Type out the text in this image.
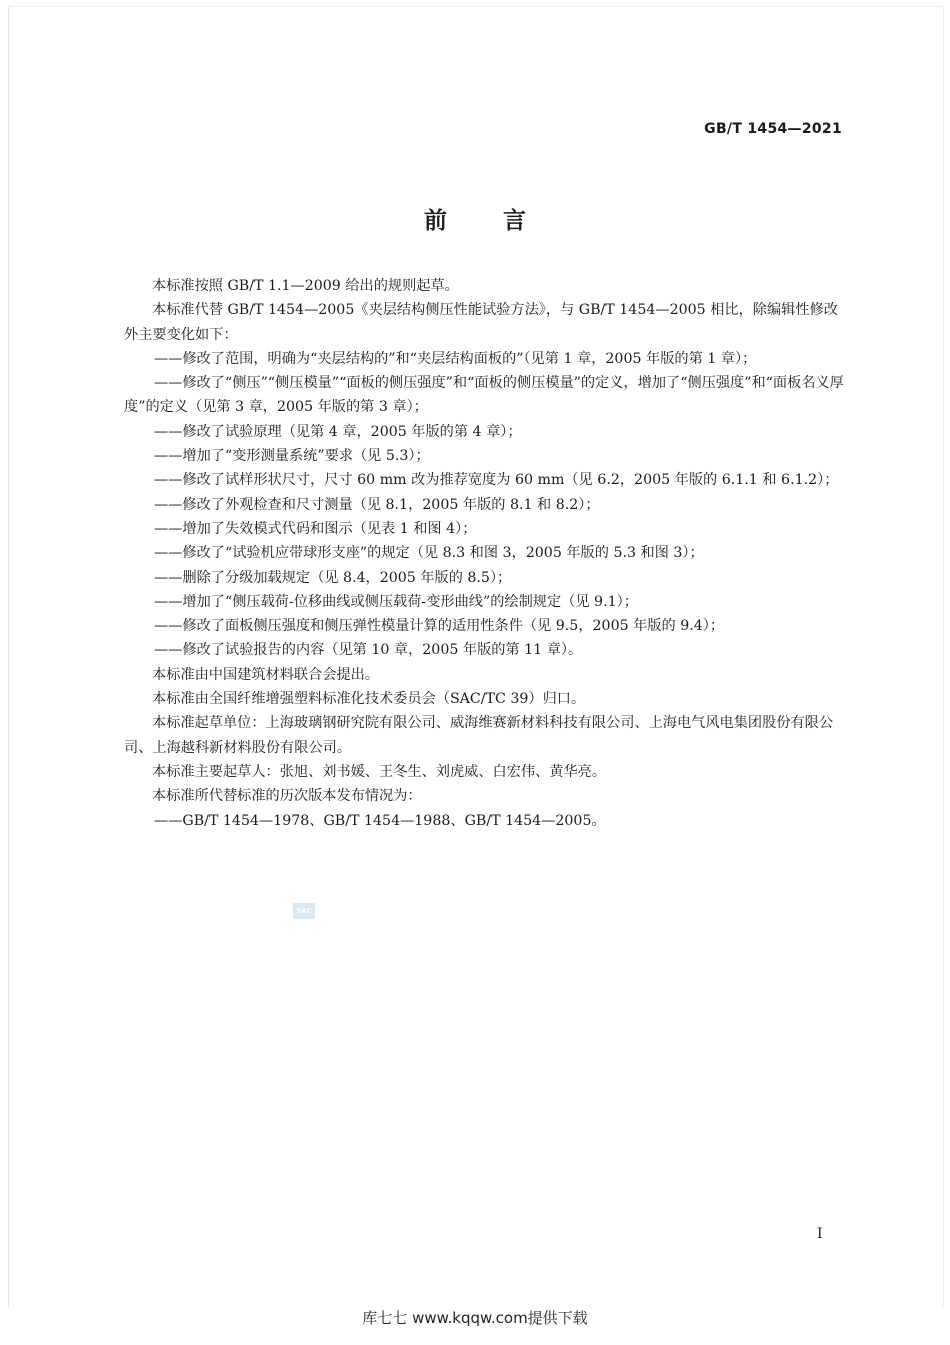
GB/T 1454—2021
前言

本标准按照 GB/T 1.1—2009 给出的规则起草。

本标准代替 GB/T 1454—2005《夹层结构侧压性能试验方法》，与 GB/T 1454—2005 相比，除编辑性修改外主要变化如下：

——修改了范围，明确为“夹层结构的”和“夹层结构面板的”（见第 1 章，2005 年版的第 1 章）；

——修改了“侧压”“侧压模量”“面板的侧压强度”和“面板的侧压模量”的定义，增加了“侧压强度”和“面板名义厚度”的定义（见第 3 章，2005 年版的第 3 章）；

——修改了试验原理（见第 4 章，2005 年版的第 4 章）；

——增加了“变形测量系统”要求（见 5.3）；

——修改了试样形状尺寸，尺寸 60 mm 改为推荐宽度为 60 mm（见 6.2，2005 年版的 6.1.1 和 6.1.2）；

——修改了外观检查和尺寸测量（见 8.1，2005 年版的 8.1 和 8.2）；

——增加了失效模式代码和图示（见表 1 和图 4）；

——修改了“试验机应带球形支座”的规定（见 8.3 和图 3，2005 年版的 5.3 和图 3）；

——删除了分级加载规定（见 8.4，2005 年版的 8.5）；

——增加了“侧压载荷-位移曲线或侧压载荷-变形曲线”的绘制规定（见 9.1）；

——修改了面板侧压强度和侧压弹性模量计算的适用性条件（见 9.5，2005 年版的 9.4）；

——修改了试验报告的内容（见第 10 章，2005 年版的第 11 章）。

本标准由中国建筑材料联合会提出。

本标准由全国纤维增强塑料标准化技术委员会（SAC/TC 39）归口。

本标准起草单位：上海玻璃钢研究院有限公司、威海维赛新材料科技有限公司、上海电气风电集团股份有限公司、上海越科新材料股份有限公司。

本标准主要起草人：张旭、刘书媛、王冬生、刘虎威、白宏伟、黄华亮。

本标准所代替标准的历次版本发布情况为：

——GB/T 1454—1978、GB/T 1454—1988、GB/T 1454—2005。

SAC
I
库七七 www.kqqw.com提供下载
